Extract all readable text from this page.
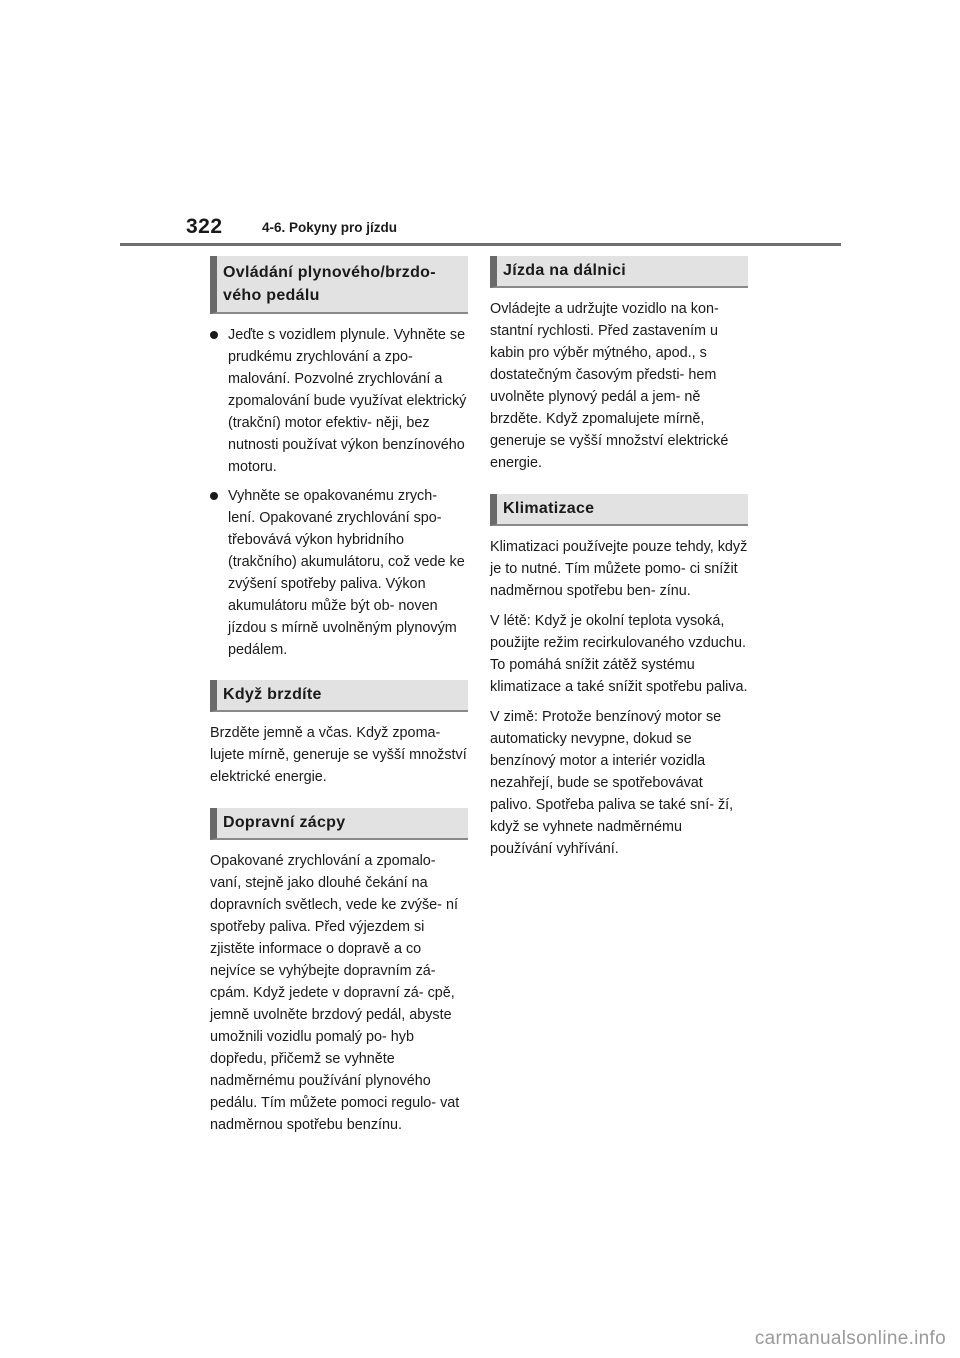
322	4-6. Pokyny pro jízdu
Ovládání plynového/brzdo-
vého pedálu
Jeďte s vozidlem plynule. Vyhněte se prudkému zrychlování a zpo- malování. Pozvolné zrychlování a zpomalování bude využívat elektrický (trakční) motor efektiv- něji, bez nutnosti používat výkon benzínového motoru.
Vyhněte se opakovanému zrych- lení. Opakované zrychlování spo- třebovává výkon hybridního (trakčního) akumulátoru, což vede ke zvýšení spotřeby paliva. Výkon akumulátoru může být ob- noven jízdou s mírně uvolněným plynovým pedálem.
Když brzdíte

Brzděte jemně a včas. Když zpoma- lujete mírně, generuje se vyšší množství elektrické energie.

Dopravní zácpy

Opakované zrychlování a zpomalo- vaní, stejně jako dlouhé čekání na dopravních světlech, vede ke zvýše- ní spotřeby paliva. Před výjezdem si zjistěte informace o dopravě a co nejvíce se vyhýbejte dopravním zá- cpám. Když jedete v dopravní zá- cpě, jemně uvolněte brzdový pedál, abyste umožnili vozidlu pomalý po- hyb dopředu, přičemž se vyhněte nadměrnému používání plynového pedálu. Tím můžete pomoci regulo- vat nadměrnou spotřebu benzínu.

Jízda na dálnici

Ovládejte a udržujte vozidlo na kon- stantní rychlosti. Před zastavením u kabin pro výběr mýtného, apod., s dostatečným časovým předsti- hem uvolněte plynový pedál a jem- ně brzděte. Když zpomalujete mírně, generuje se vyšší množství elektrické energie.

Klimatizace

Klimatizaci používejte pouze tehdy, když je to nutné. Tím můžete pomo- ci snížit nadměrnou spotřebu ben- zínu.

V létě: Když je okolní teplota vysoká, použijte režim recirkulovaného vzduchu. To pomáhá snížit zátěž systému klimatizace a také snížit spotřebu paliva.

V zimě: Protože benzínový motor se automaticky nevypne, dokud se benzínový motor a interiér vozidla nezahřejí, bude se spotřebovávat palivo. Spotřeba paliva se také sní- ží, když se vyhnete nadměrnému používání vyhřívání.

carmanualsonline.info
